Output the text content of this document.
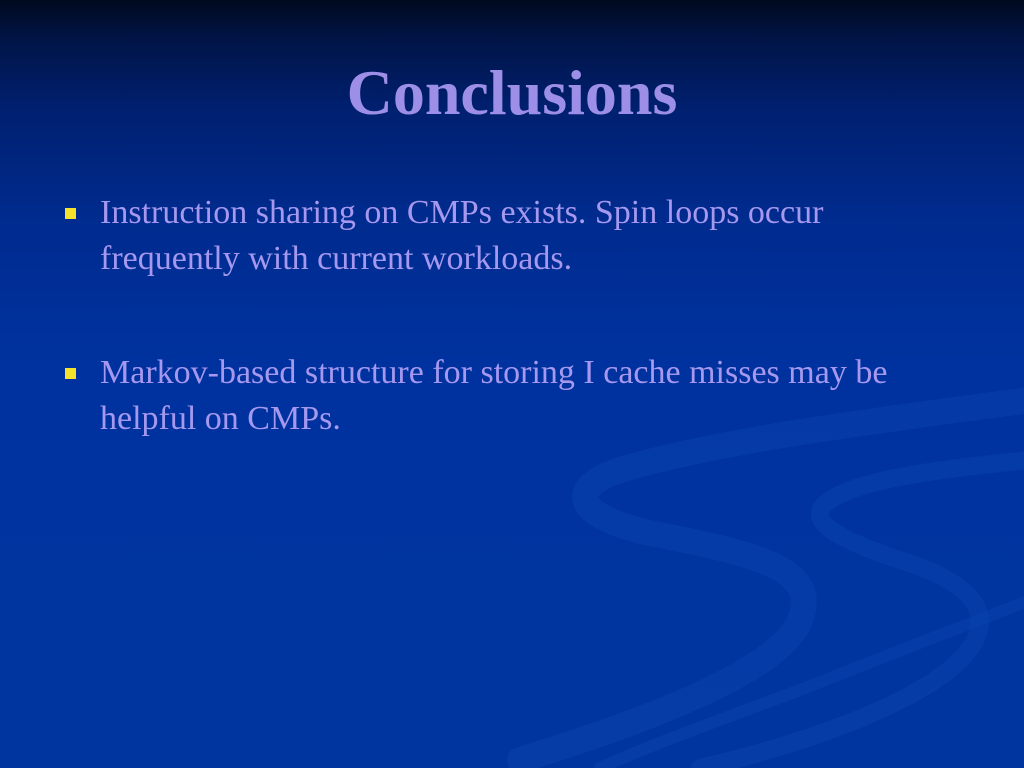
Conclusions
Instruction sharing on CMPs exists. Spin loops occur frequently with current workloads.
Markov-based structure for storing I cache misses may be helpful on CMPs.
